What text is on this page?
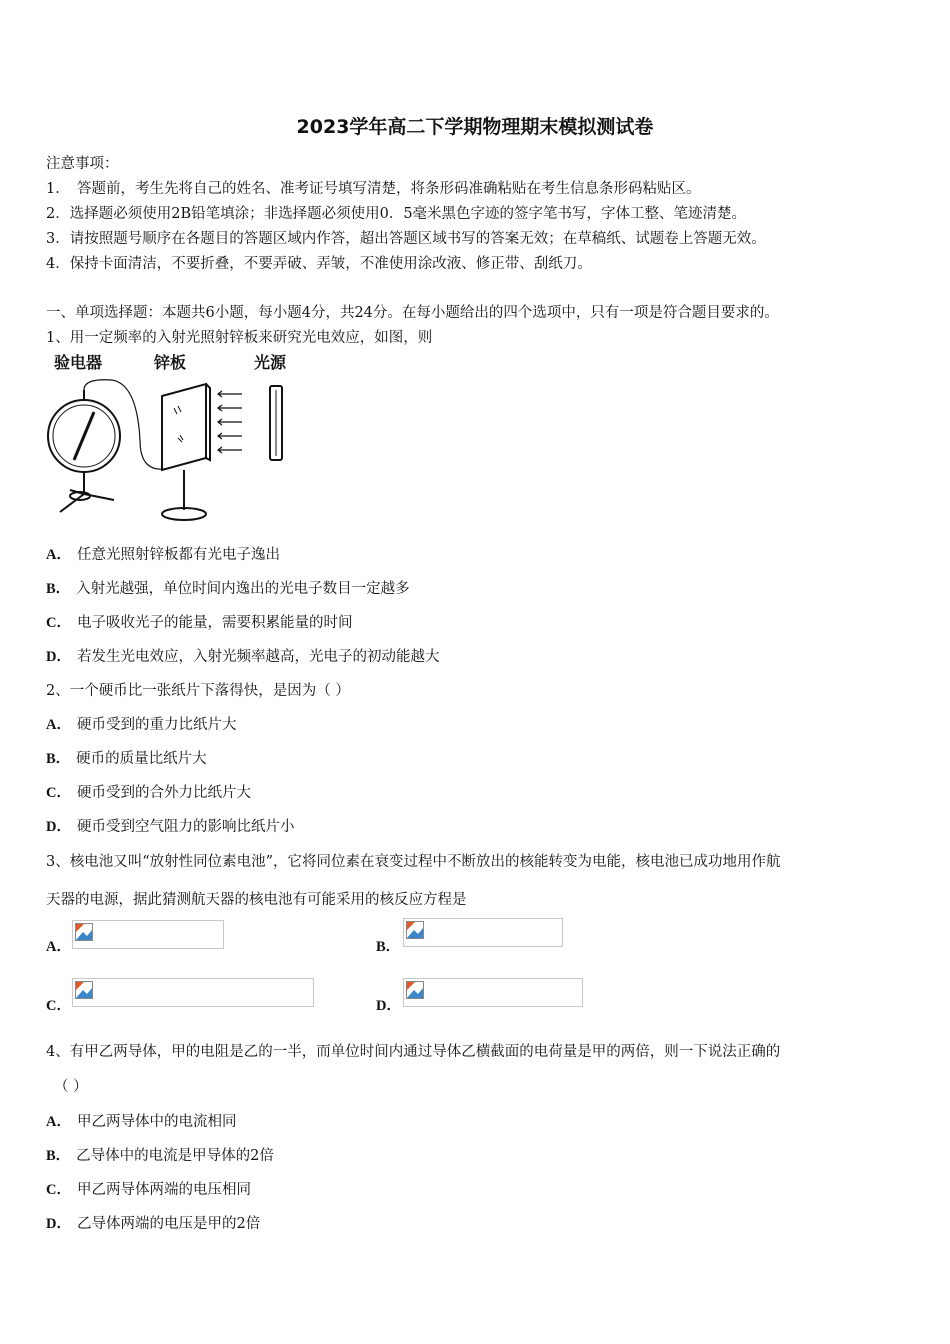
2023学年高二下学期物理期末模拟测试卷
注意事项：
1．　答题前，考生先将自己的姓名、准考证号填写清楚，将条形码准确粘贴在考生信息条形码粘贴区。
2．选择题必须使用2B铅笔填涂；非选择题必须使用0．5毫米黑色字迹的签字笔书写，字体工整、笔迹清楚。
3．请按照题号顺序在各题目的答题区域内作答，超出答题区域书写的答案无效；在草稿纸、试题卷上答题无效。
4．保持卡面清洁，不要折叠，不要弄破、弄皱，不准使用涂改液、修正带、刮纸刀。
一、单项选择题：本题共6小题，每小题4分，共24分。在每小题给出的四个选项中，只有一项是符合题目要求的。
1、用一定频率的入射光照射锌板来研究光电效应，如图，则
验电器	锌板	光源
A． 任意光照射锌板都有光电子逸出
B． 入射光越强，单位时间内逸出的光电子数目一定越多
C． 电子吸收光子的能量，需要积累能量的时间
D． 若发生光电效应，入射光频率越高，光电子的初动能越大
2、一个硬币比一张纸片下落得快，是因为（ ）
A． 硬币受到的重力比纸片大
B． 硬币的质量比纸片大
C． 硬币受到的合外力比纸片大
D． 硬币受到空气阻力的影响比纸片小
3、核电池又叫“放射性同位素电池”，它将同位素在衰变过程中不断放出的核能转变为电能，核电池已成功地用作航
天器的电源，据此猜测航天器的核电池有可能采用的核反应方程是
A．	B．
C．	D．
4、有甲乙两导体，甲的电阻是乙的一半，而单位时间内通过导体乙横截面的电荷量是甲的两倍，则一下说法正确的
（ ）
A． 甲乙两导体中的电流相同
B． 乙导体中的电流是甲导体的2倍
C． 甲乙两导体两端的电压相同
D． 乙导体两端的电压是甲的2倍
